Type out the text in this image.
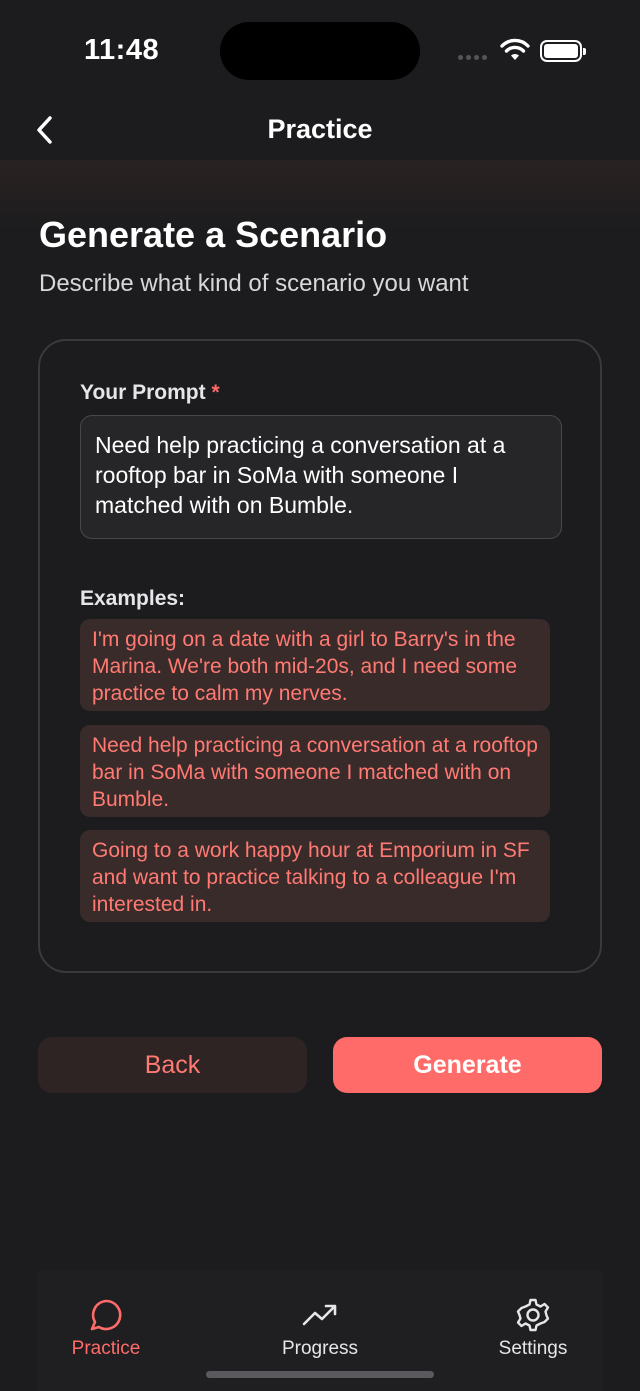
11:48
Practice
Generate a Scenario
Describe what kind of scenario you want
Your Prompt *
Need help practicing a conversation at a rooftop bar in SoMa with someone I matched with on Bumble.
Examples:
I'm going on a date with a girl to Barry's in the Marina. We're both mid-20s, and I need some practice to calm my nerves.
Need help practicing a conversation at a rooftop bar in SoMa with someone I matched with on Bumble.
Going to a work happy hour at Emporium in SF and want to practice talking to a colleague I'm interested in.
Back	Generate
Practice	Progress	Settings
